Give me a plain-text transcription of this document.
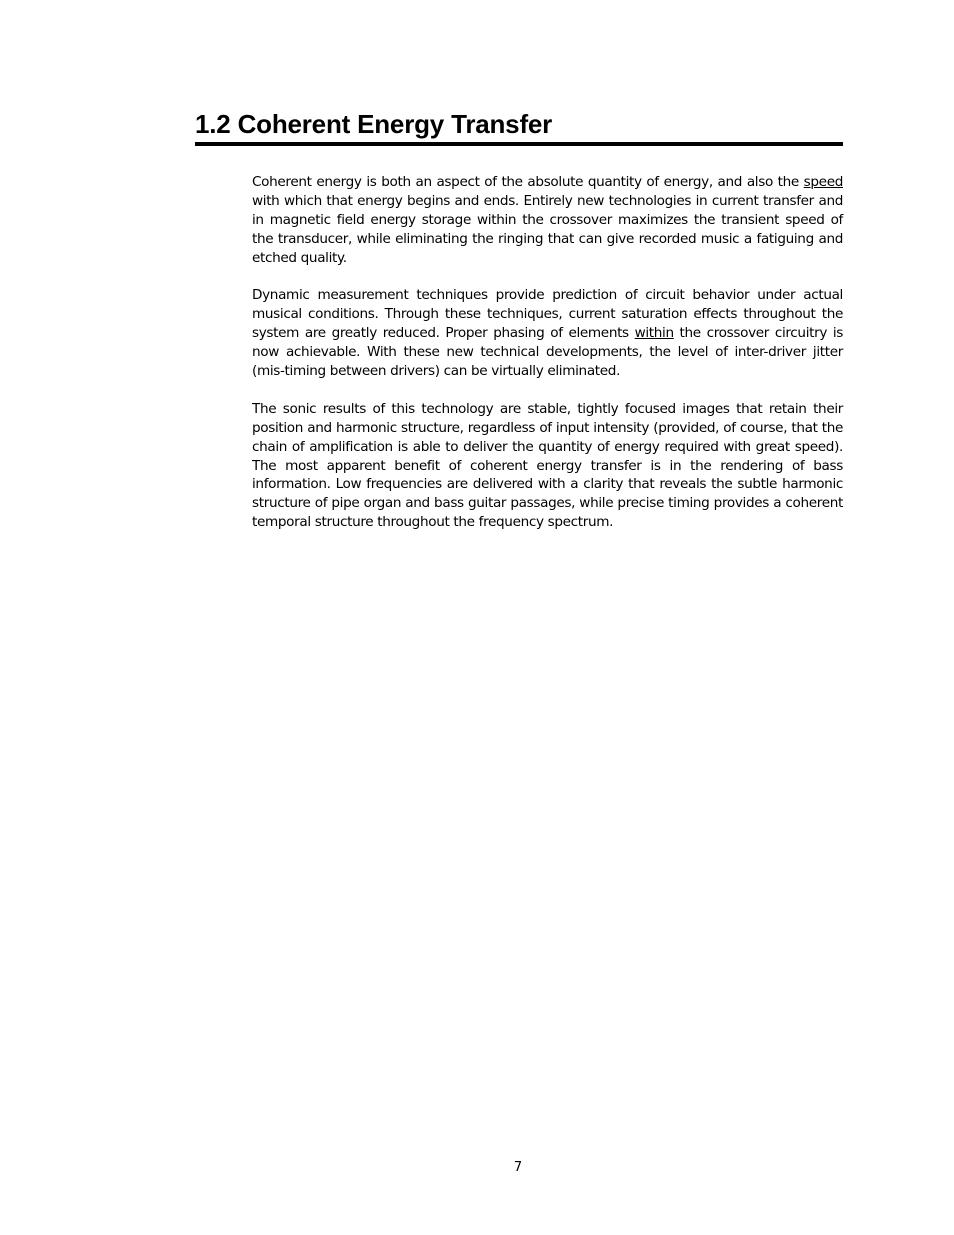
1.2 Coherent Energy Transfer

Coherent energy is both an aspect of the absolute quantity of energy, and also the speed with which that energy begins and ends. Entirely new technologies in current transfer and in magnetic field energy storage within the crossover maximizes the transient speed of the transducer, while eliminating the ringing that can give recorded music a fatiguing and etched quality.

Dynamic measurement techniques provide prediction of circuit behavior under actual musical conditions. Through these techniques, current saturation effects throughout the system are greatly reduced. Proper phasing of elements within the crossover circuitry is now achievable. With these new technical developments, the level of inter-driver jitter (mis-timing between drivers) can be virtually eliminated.

The sonic results of this technology are stable, tightly focused images that retain their position and harmonic structure, regardless of input intensity (provided, of course, that the chain of amplification is able to deliver the quantity of energy required with great speed). The most apparent benefit of coherent energy transfer is in the rendering of bass information. Low frequencies are delivered with a clarity that reveals the subtle harmonic structure of pipe organ and bass guitar passages, while precise timing provides a coherent temporal structure throughout the frequency spectrum.

7
